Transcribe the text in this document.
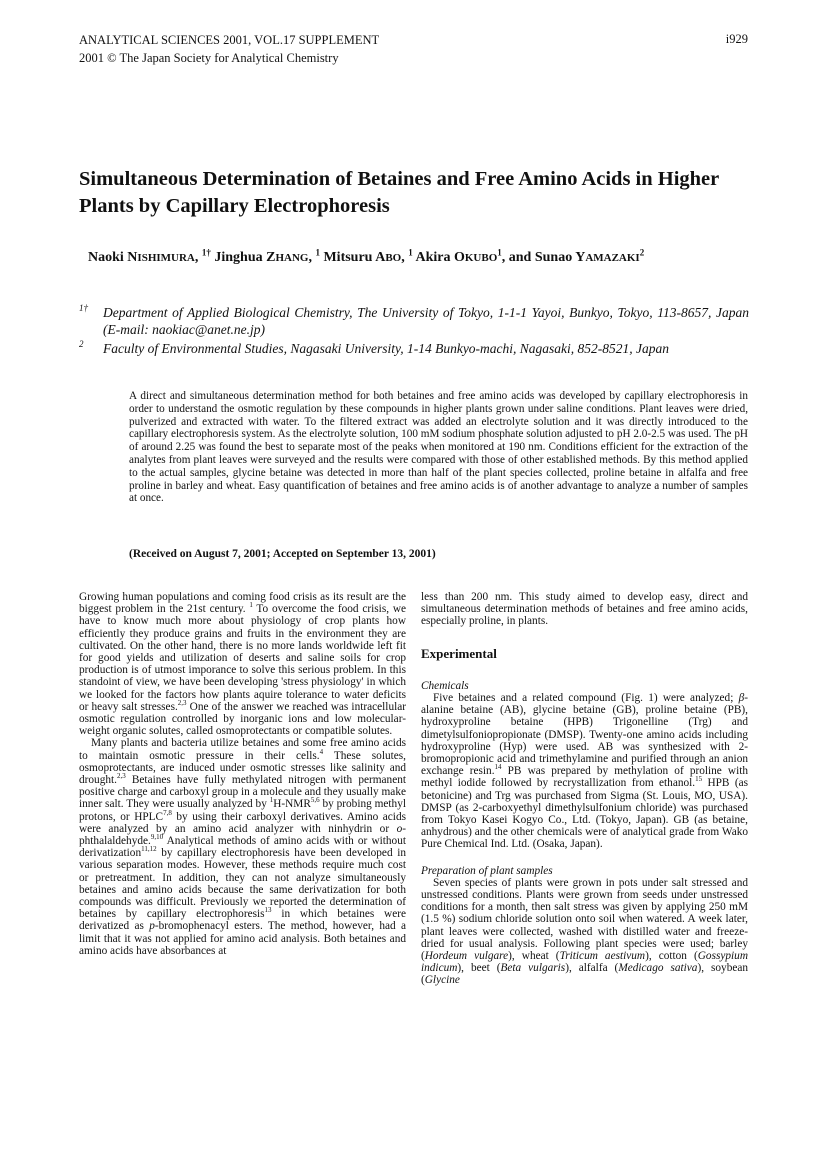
ANALYTICAL SCIENCES 2001, VOL.17 SUPPLEMENT
2001 © The Japan Society for Analytical Chemistry
i929
Simultaneous Determination of Betaines and Free Amino Acids in Higher Plants by Capillary Electrophoresis
Naoki NISHIMURA, $^{1\dagger}$ Jinghua ZHANG, $^1$ Mitsuru ABO, $^1$ Akira OKUBO$^1$, and Sunao YAMAZAKI$^2$
1†	Department of Applied Biological Chemistry, The University of Tokyo, 1-1-1 Yayoi, Bunkyo, Tokyo, 113-8657, Japan (E-mail: naokiac@anet.ne.jp)
2	Faculty of Environmental Studies, Nagasaki University, 1-14 Bunkyo-machi, Nagasaki, 852-8521, Japan

A direct and simultaneous determination method for both betaines and free amino acids was developed by capillary electrophoresis in order to understand the osmotic regulation by these compounds in higher plants grown under saline conditions. Plant leaves were dried, pulverized and extracted with water. To the filtered extract was added an electrolyte solution and it was directly introduced to the capillary electrophoresis system. As the electrolyte solution, 100 mM sodium phosphate solution adjusted to pH 2.0-2.5 was used. The pH of around 2.25 was found the best to separate most of the peaks when monitored at 190 nm. Conditions efficient for the extraction of the analytes from plant leaves were surveyed and the results were compared with those of other established methods. By this method applied to the actual samples, glycine betaine was detected in more than half of the plant species collected, proline betaine in alfalfa and free proline in barley and wheat. Easy quantification of betaines and free amino acids is of another advantage to analyze a number of samples at once.

(Received on August 7, 2001; Accepted on September 13, 2001)

Growing human populations and coming food crisis as its result are the biggest problem in the 21st century. $^1$ To overcome the food crisis, we have to know much more about physiology of crop plants how efficiently they produce grains and fruits in the environment they are cultivated. On the other hand, there is no more lands worldwide left fit for good yields and utilization of deserts and saline soils for crop production is of utmost imporance to solve this serious problem. In this standoint of view, we have been developing 'stress physiology' in which we looked for the factors how plants aquire tolerance to water deficits or heavy salt stresses.$^{2,3}$ One of the answer we reached was intracellular osmotic regulation controlled by inorganic ions and low molecular-weight organic solutes, called osmoprotectants or compatible solutes.

Many plants and bacteria utilize betaines and some free amino acids to maintain osmotic pressure in their cells.$^4$ These solutes, osmoprotectants, are induced under osmotic stresses like salinity and drought.$^{2,3}$ Betaines have fully methylated nitrogen with permanent positive charge and carboxyl group in a molecule and they usually make inner salt. They were usually analyzed by $^1$H-NMR$^{5,6}$ by probing methyl protons, or HPLC$^{7,8}$ by using their carboxyl derivatives. Amino acids were analyzed by an amino acid analyzer with ninhydrin or o-phthalaldehyde.$^{9,10}$ Analytical methods of amino acids with or without derivatization$^{11,12}$ by capillary electrophoresis have been developed in various separation modes. However, these methods require much cost or pretreatment. In addition, they can not analyze simultaneously betaines and amino acids because the same derivatization for both compounds was difficult. Previously we reported the determination of betaines by capillary electrophoresis$^{13}$ in which betaines were derivatized as p-bromophenacyl esters. The method, however, had a limit that it was not applied for amino acid analysis. Both betaines and amino acids have absorbances at

less than 200 nm. This study aimed to develop easy, direct and simultaneous determination methods of betaines and free amino acids, especially proline, in plants.

Experimental

Chemicals

Five betaines and a related compound (Fig. 1) were analyzed; β-alanine betaine (AB), glycine betaine (GB), proline betaine (PB), hydroxyproline betaine (HPB) Trigonelline (Trg) and dimetylsulfoniopropionate (DMSP). Twenty-one amino acids including hydroxyproline (Hyp) were used. AB was synthesized with 2-bromopropionic acid and trimethylamine and purified through an anion exchange resin.$^{14}$ PB was prepared by methylation of proline with methyl iodide followed by recrystallization from ethanol.$^{15}$ HPB (as betonicine) and Trg was purchased from Sigma (St. Louis, MO, USA). DMSP (as 2-carboxyethyl dimethylsulfonium chloride) was purchased from Tokyo Kasei Kogyo Co., Ltd. (Tokyo, Japan). GB (as betaine, anhydrous) and the other chemicals were of analytical grade from Wako Pure Chemical Ind. Ltd. (Osaka, Japan).

Preparation of plant samples

Seven species of plants were grown in pots under salt stressed and unstressed conditions. Plants were grown from seeds under unstressed conditions for a month, then salt stress was given by applying 250 mM (1.5 %) sodium chloride solution onto soil when watered. A week later, plant leaves were collected, washed with distilled water and freeze-dried for usual analysis. Following plant species were used; barley (Hordeum vulgare), wheat (Triticum aestivum), cotton (Gossypium indicum), beet (Beta vulgaris), alfalfa (Medicago sativa), soybean (Glycine
